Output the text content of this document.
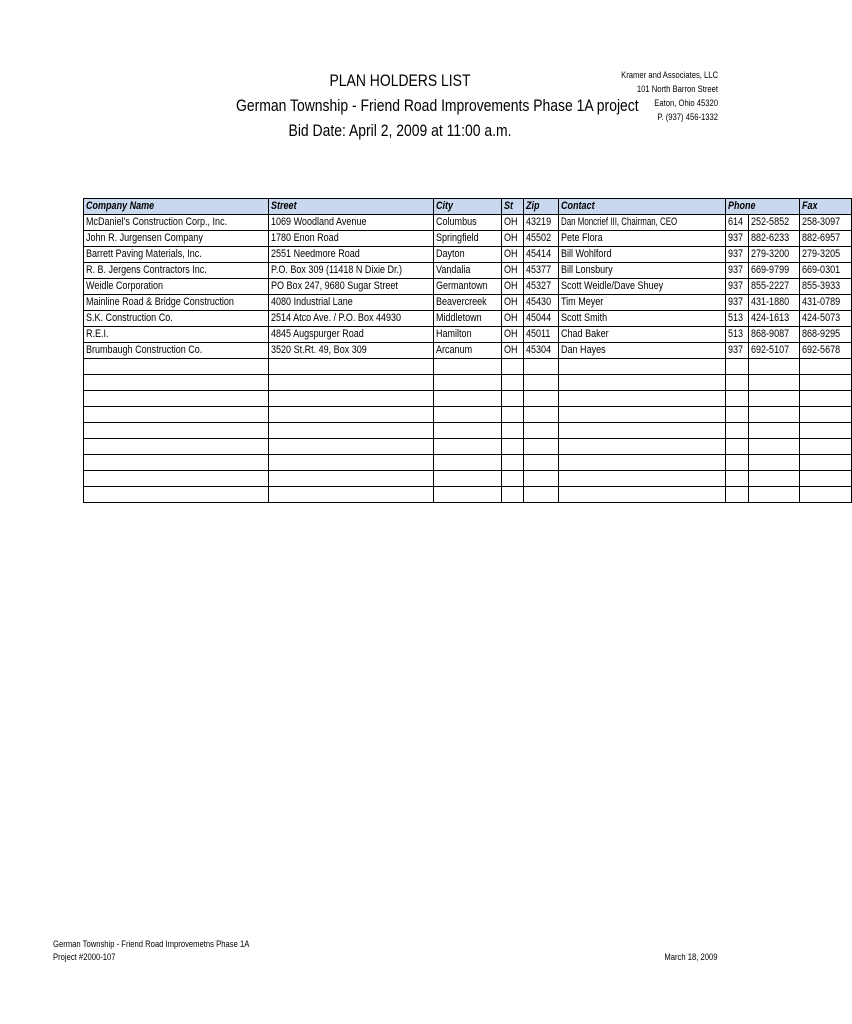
PLAN HOLDERS LIST
German Township - Friend Road Improvements Phase 1A project
Bid Date: April 2, 2009 at 11:00 a.m.
Kramer and Associates, LLC
101 North Barron Street
Eaton, Ohio 45320
P. (937) 456-1332
Company Name	Street	City	St	Zip	Contact	Phone		Fax
McDaniel's Construction Corp., Inc.	1069 Woodland Avenue	Columbus	OH	43219	Dan Moncrief III, Chairman, CEO	614	252-5852	258-3097
John R. Jurgensen Company	1780 Enon Road	Springfield	OH	45502	Pete Flora	937	882-6233	882-6957
Barrett Paving Materials, Inc.	2551 Needmore Road	Dayton	OH	45414	Bill Wohlford	937	279-3200	279-3205
R. B. Jergens Contractors Inc.	P.O. Box 309 (11418 N Dixie Dr.)	Vandalia	OH	45377	Bill Lonsbury	937	669-9799	669-0301
Weidle Corporation	PO Box 247, 9680 Sugar Street	Germantown	OH	45327	Scott Weidle/Dave Shuey	937	855-2227	855-3933
Mainline Road & Bridge Construction	4080 Industrial Lane	Beavercreek	OH	45430	Tim Meyer	937	431-1880	431-0789
S.K. Construction Co.	2514 Atco Ave. / P.O. Box 44930	Middletown	OH	45044	Scott Smith	513	424-1613	424-5073
R.E.I.	4845 Augspurger Road	Hamilton	OH	45011	Chad Baker	513	868-9087	868-9295
Brumbaugh Construction Co.	3520 St.Rt. 49, Box 309	Arcanum	OH	45304	Dan Hayes	937	692-5107	692-5678

German Township - Friend Road Improvemetns Phase 1A
Project #2000-107	March 18, 2009
